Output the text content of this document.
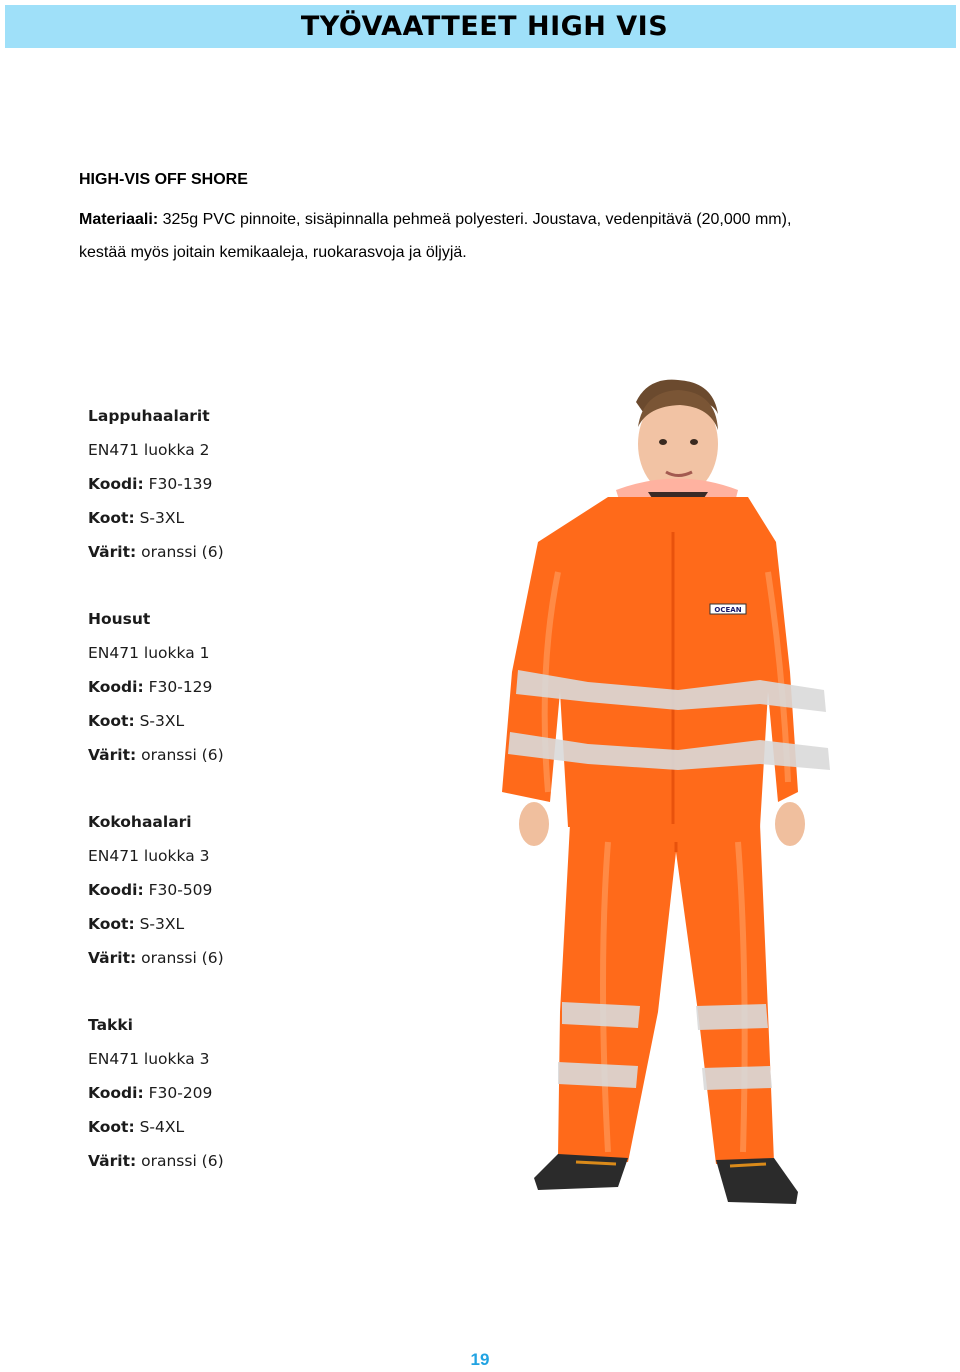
TYÖVAATTEET HIGH VIS
HIGH-VIS OFF SHORE
Materiaali: 325g PVC pinnoite, sisäpinnalla pehmeä polyesteri. Joustava, vedenpitävä (20,000 mm),
kestää myös joitain kemikaaleja, ruokarasvoja ja öljyjä.
Lappuhaalarit
EN471 luokka 2
Koodi: F30-139
Koot: S-3XL
Värit: oranssi (6)
Housut
EN471 luokka 1
Koodi: F30-129
Koot: S-3XL
Värit: oranssi (6)
Kokohaalari
EN471 luokka 3
Koodi: F30-509
Koot: S-3XL
Värit: oranssi (6)
Takki
EN471 luokka 3
Koodi: F30-209
Koot: S-4XL
Värit: oranssi (6)
OCEAN
19
